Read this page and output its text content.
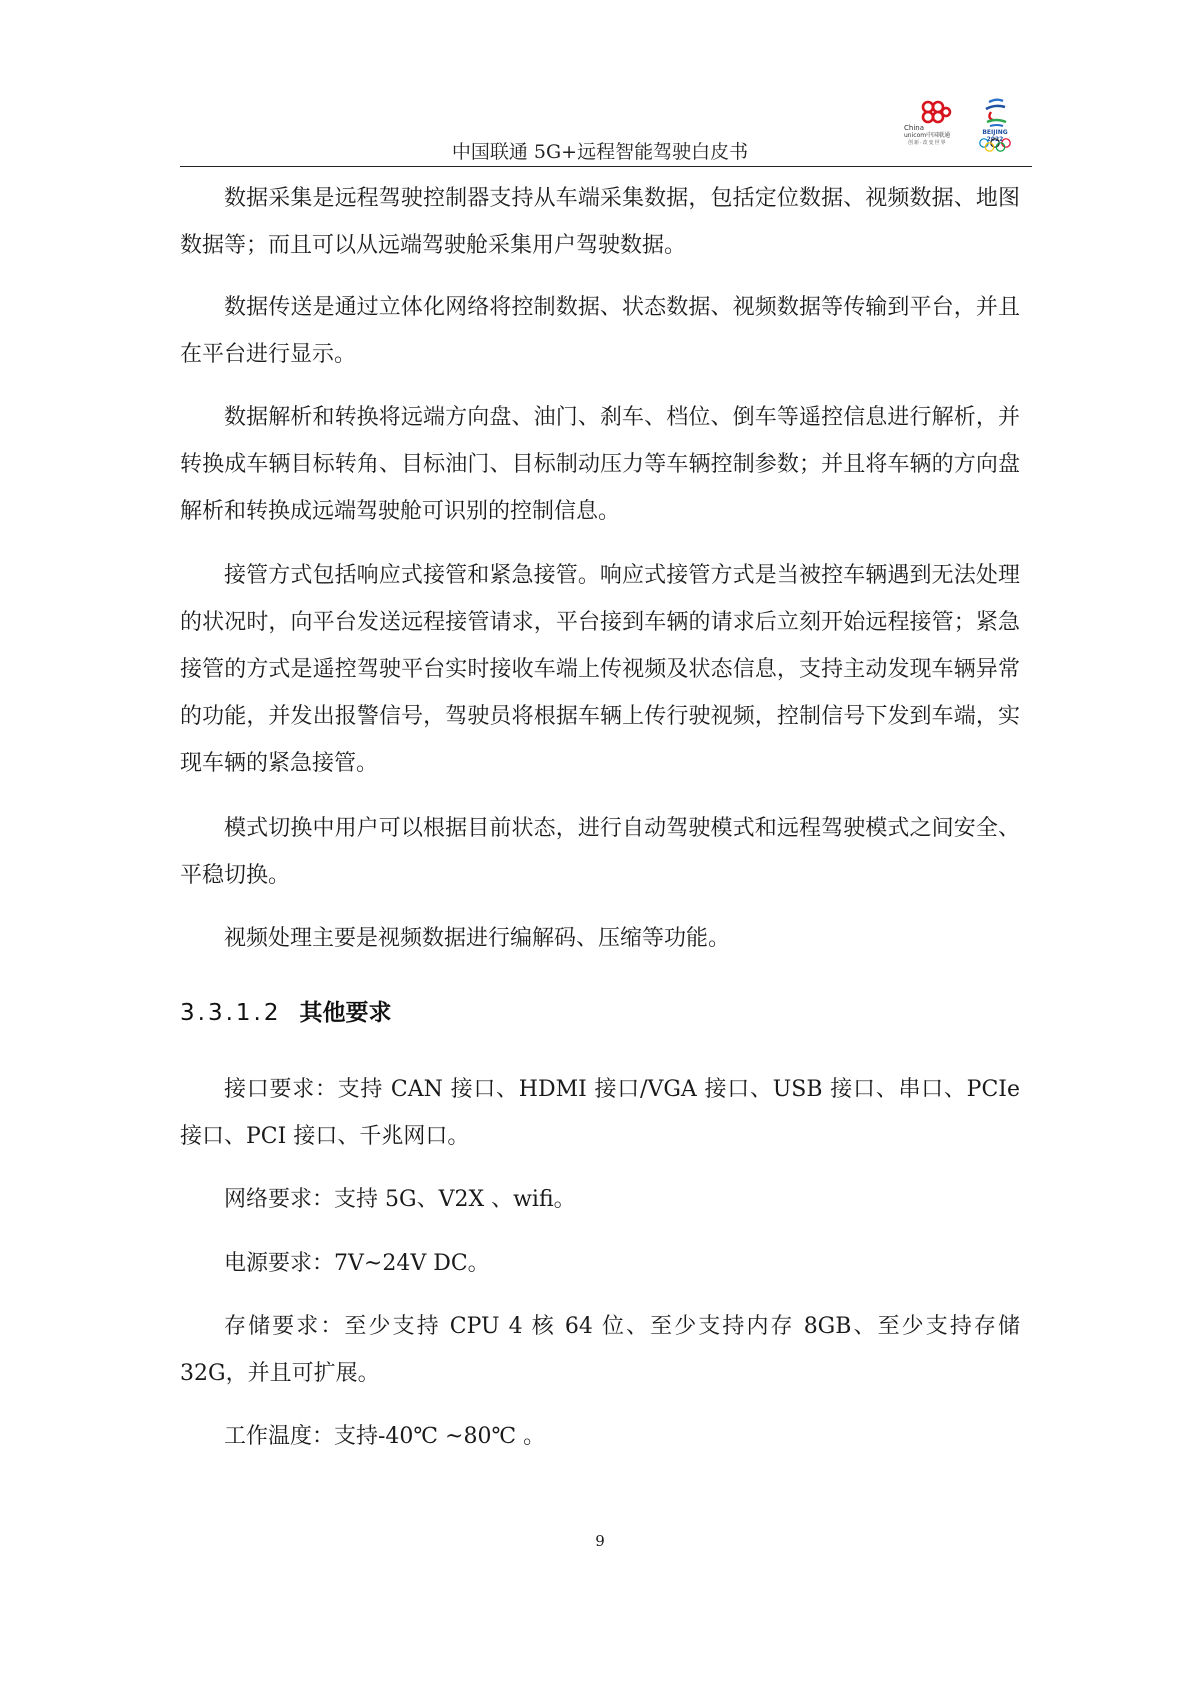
China
unicom中国联通
创新·改变世界
BEIJING 2022
中国联通 5G+远程智能驾驶白皮书

数据采集是远程驾驶控制器支持从车端采集数据，包括定位数据、视频数据、地图数据等；而且可以从远端驾驶舱采集用户驾驶数据。

数据传送是通过立体化网络将控制数据、状态数据、视频数据等传输到平台，并且在平台进行显示。

数据解析和转换将远端方向盘、油门、刹车、档位、倒车等遥控信息进行解析，并转换成车辆目标转角、目标油门、目标制动压力等车辆控制参数；并且将车辆的方向盘解析和转换成远端驾驶舱可识别的控制信息。

接管方式包括响应式接管和紧急接管。响应式接管方式是当被控车辆遇到无法处理的状况时，向平台发送远程接管请求，平台接到车辆的请求后立刻开始远程接管；紧急接管的方式是遥控驾驶平台实时接收车端上传视频及状态信息，支持主动发现车辆异常的功能，并发出报警信号，驾驶员将根据车辆上传行驶视频，控制信号下发到车端，实现车辆的紧急接管。

模式切换中用户可以根据目前状态，进行自动驾驶模式和远程驾驶模式之间安全、平稳切换。

视频处理主要是视频数据进行编解码、压缩等功能。

3.3.1.2 其他要求

接口要求：支持 CAN 接口、HDMI 接口/VGA 接口、USB 接口、串口、PCIe接口、PCI 接口、千兆网口。

网络要求：支持 5G、V2X 、wifi。

电源要求：7V~24V DC。

存储要求：至少支持 CPU 4 核 64 位、至少支持内存 8GB、至少支持存储32G，并且可扩展。

工作温度：支持-40℃ ~80℃ 。

9
